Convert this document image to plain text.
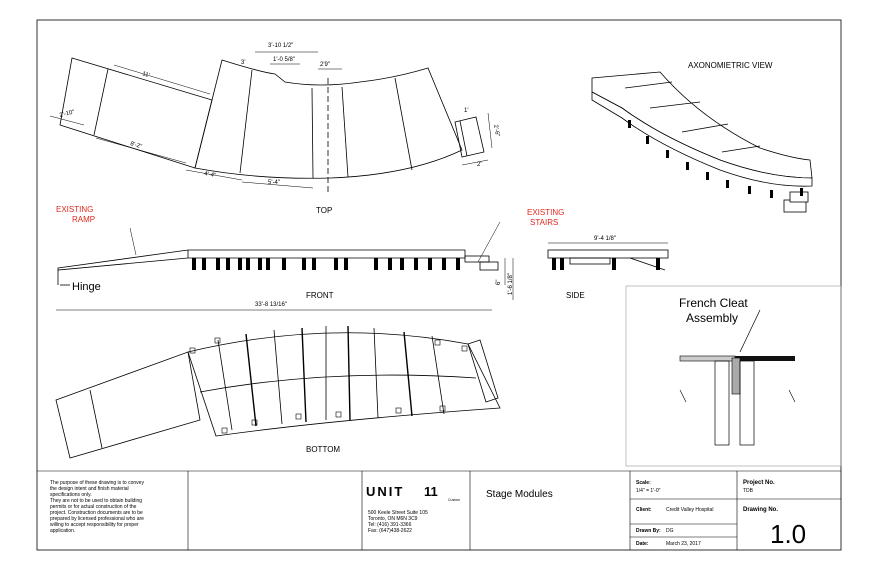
11'
2'-10"
8'-2"
4'-4"
5'-4"
3'-10 1/2"
1'-0 5/8"
3'	2'9"
1'
2'-6"
2'
TOP
AXONOMIETRIC VIEW
EXISTING
RAMP
EXISTING
STAIRS
Hinge
FRONT
6" 1'-6 1/8"
9'-4 1/8"
SIDE
33'-8 13/16"
BOTTOM
French Cleat
Assembly
The purpose of these drawing is to convey
the design intent and finish material
specifications only.
They are not to be used to obtain building
permits or for actual construction of the
project. Construction documents are to be
prepared by licensed professional who are
willing to accept responsibility for proper
application.
UNIT 11
Custom
500 Keele Street Suite 105
Toronto, ON M6N 3C9
Tel: (416) 391-3366
Fax: (647)438-2622
Stage Modules
Scale:
1/4" = 1'-0"
Client:	Credit Valley Hospital
Drawn By: DG
Date:	March 23, 2017
Project No.
TDB
Drawing No.
1.0
